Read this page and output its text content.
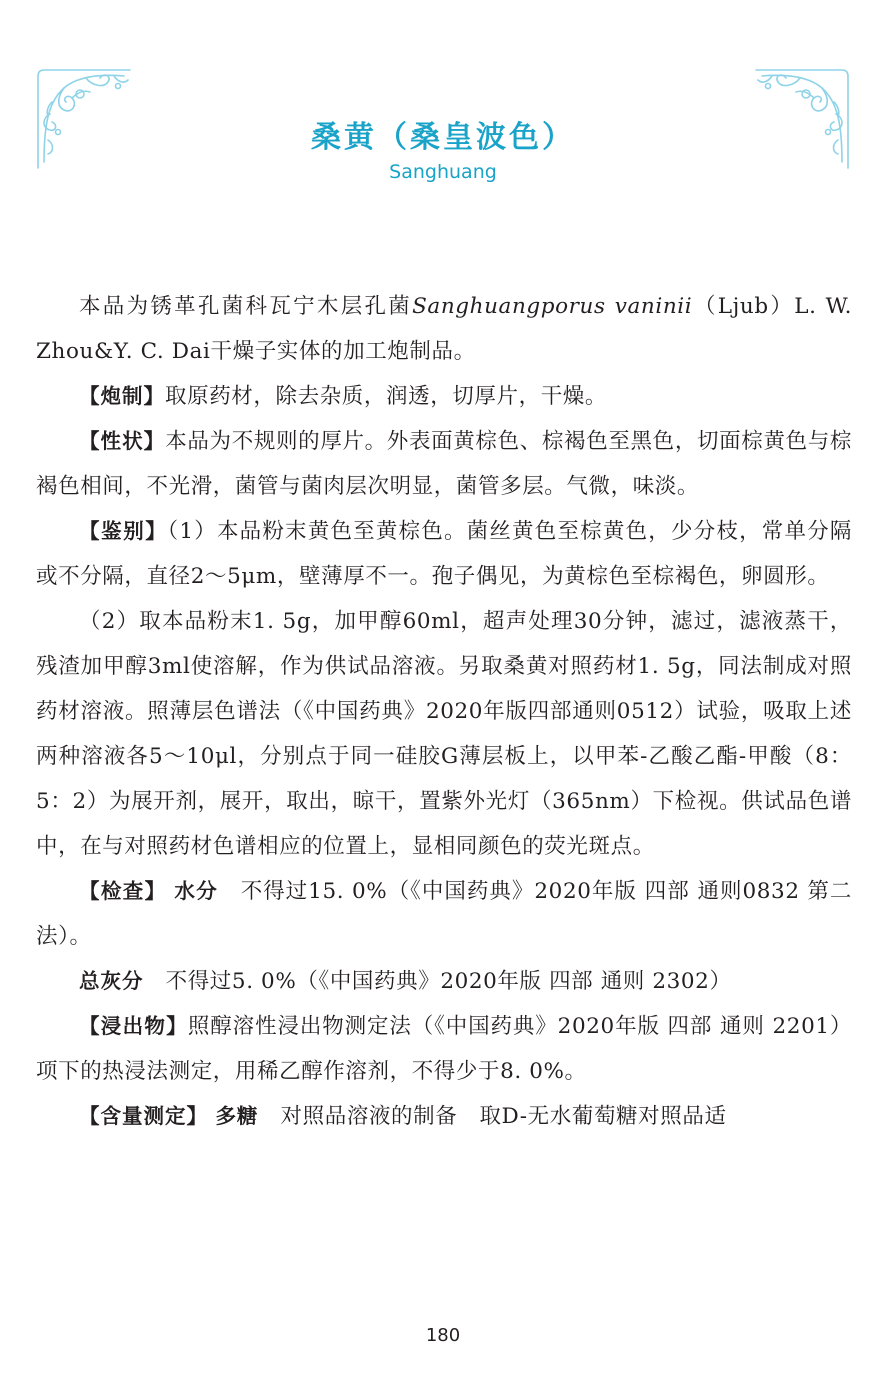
桑黄（桑皇波色）
Sanghuang

本品为锈革孔菌科瓦宁木层孔菌Sanghuangporus vaninii（Ljub）L. W. Zhou&Y. C. Dai干燥子实体的加工炮制品。

【炮制】取原药材，除去杂质，润透，切厚片，干燥。

【性状】本品为不规则的厚片。外表面黄棕色、棕褐色至黑色，切面棕黄色与棕褐色相间，不光滑，菌管与菌肉层次明显，菌管多层。气微，味淡。

【鉴别】（1）本品粉末黄色至黄棕色。菌丝黄色至棕黄色，少分枝，常单分隔或不分隔，直径2～5μm，壁薄厚不一。孢子偶见，为黄棕色至棕褐色，卵圆形。

（2）取本品粉末1. 5g，加甲醇60ml，超声处理30分钟，滤过，滤液蒸干，残渣加甲醇3ml使溶解，作为供试品溶液。另取桑黄对照药材1. 5g，同法制成对照药材溶液。照薄层色谱法（《中国药典》2020年版四部通则0512）试验，吸取上述两种溶液各5～10μl，分别点于同一硅胶G薄层板上，以甲苯-乙酸乙酯-甲酸（8：5：2）为展开剂，展开，取出，晾干，置紫外光灯（365nm）下检视。供试品色谱中，在与对照药材色谱相应的位置上，显相同颜色的荧光斑点。

【检查】 水分　 不得过15. 0%（《中国药典》2020年版 四部 通则0832 第二法）。

总灰分　 不得过5. 0%（《中国药典》2020年版 四部 通则 2302）

【浸出物】照醇溶性浸出物测定法（《中国药典》2020年版 四部 通则 2201）项下的热浸法测定，用稀乙醇作溶剂，不得少于8. 0%。

【含量测定】 多糖　 对照品溶液的制备　取D-无水葡萄糖对照品适

180
